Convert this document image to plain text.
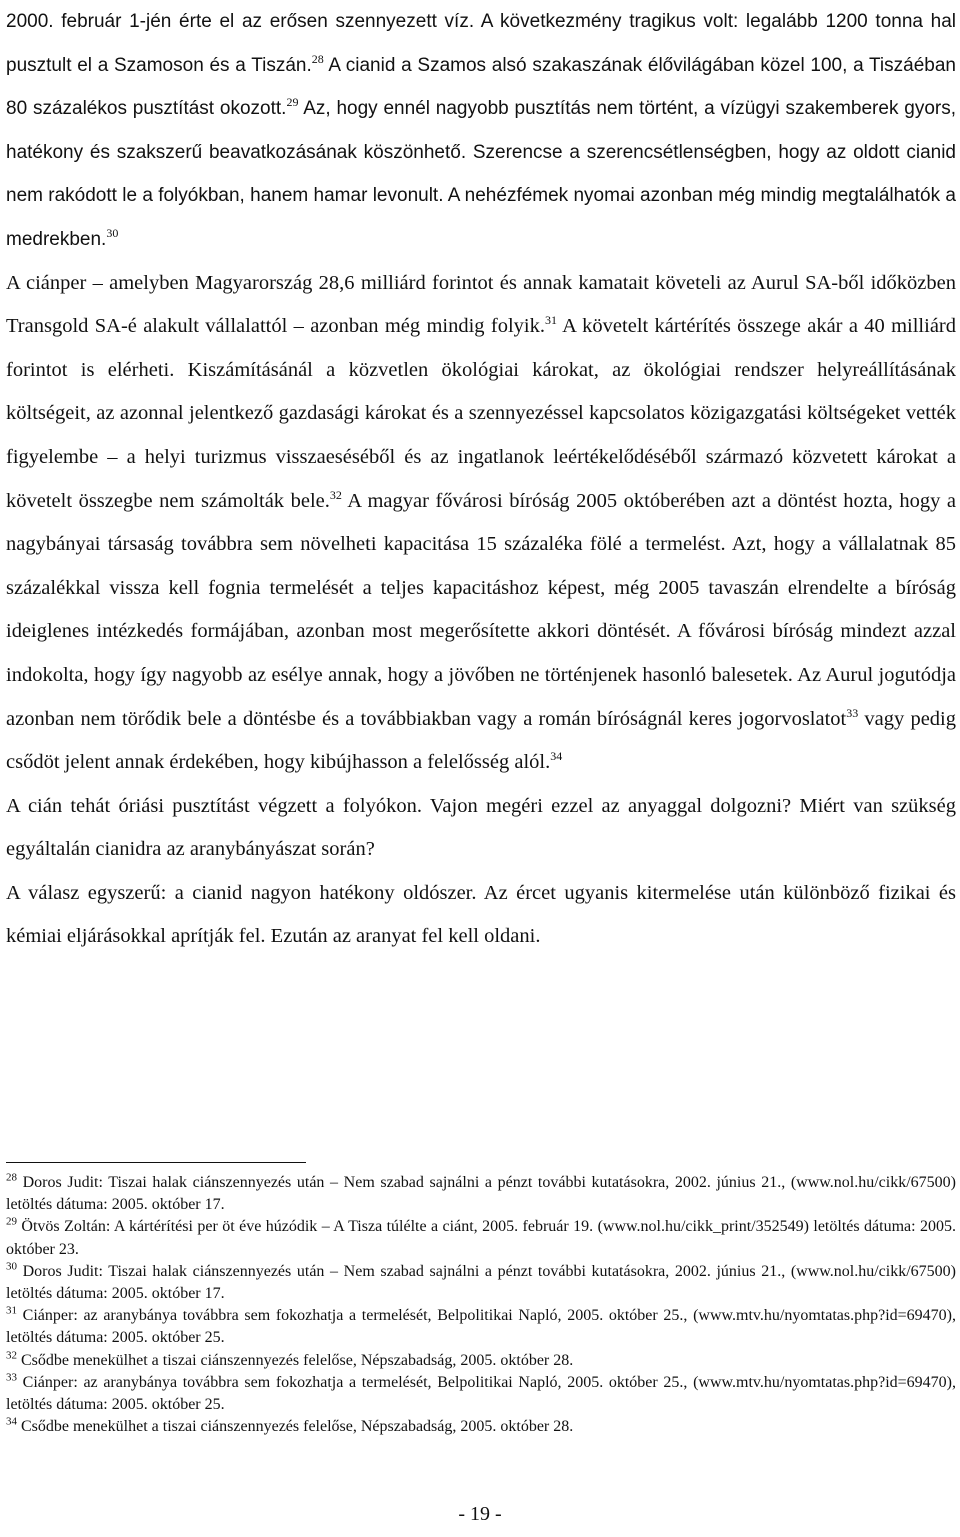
2000. február 1-jén érte el az erősen szennyezett víz. A következmény tragikus volt: legalább 1200 tonna hal pusztult el a Szamoson és a Tiszán.$^{28}$ A cianid a Szamos alsó szakaszának élővilágában közel 100, a Tiszáéban 80 százalékos pusztítást okozott.$^{29}$ Az, hogy ennél nagyobb pusztítás nem történt, a vízügyi szakemberek gyors, hatékony és szakszerű beavatkozásának köszönhető. Szerencse a szerencsétlenségben, hogy az oldott cianid nem rakódott le a folyókban, hanem hamar levonult. A nehézfémek nyomai azonban még mindig megtalálhatók a medrekben.$^{30}$

A ciánper – amelyben Magyarország 28,6 milliárd forintot és annak kamatait követeli az Aurul SA-ből időközben Transgold SA-é alakult vállalattól – azonban még mindig folyik.$^{31}$ A követelt kártérítés összege akár a 40 milliárd forintot is elérheti. Kiszámításánál a közvetlen ökológiai károkat, az ökológiai rendszer helyreállításának költségeit, az azonnal jelentkező gazdasági károkat és a szennyezéssel kapcsolatos közigazgatási költségeket vették figyelembe – a helyi turizmus visszaeséséből és az ingatlanok leértékelődéséből származó közvetett károkat a követelt összegbe nem számolták bele.$^{32}$ A magyar fővárosi bíróság 2005 októberében azt a döntést hozta, hogy a nagybányai társaság továbbra sem növelheti kapacitása 15 százaléka fölé a termelést. Azt, hogy a vállalatnak 85 százalékkal vissza kell fognia termelését a teljes kapacitáshoz képest, még 2005 tavaszán elrendelte a bíróság ideiglenes intézkedés formájában, azonban most megerősítette akkori döntését. A fővárosi bíróság mindezt azzal indokolta, hogy így nagyobb az esélye annak, hogy a jövőben ne történjenek hasonló balesetek. Az Aurul jogutódja azonban nem törődik bele a döntésbe és a továbbiakban vagy a román bíróságnál keres jogorvoslatot$^{33}$ vagy pedig csődöt jelent annak érdekében, hogy kibújhasson a felelősség alól.$^{34}$

A cián tehát óriási pusztítást végzett a folyókon. Vajon megéri ezzel az anyaggal dolgozni? Miért van szükség egyáltalán cianidra az aranybányászat során?

A válasz egyszerű: a cianid nagyon hatékony oldószer. Az ércet ugyanis kitermelése után különböző fizikai és kémiai eljárásokkal aprítják fel. Ezután az aranyat fel kell oldani.

$^{28}$ Doros Judit: Tiszai halak ciánszennyezés után – Nem szabad sajnálni a pénzt további kutatásokra, 2002. június 21., (www.nol.hu/cikk/67500) letöltés dátuma: 2005. október 17.

$^{29}$ Ötvös Zoltán: A kártérítési per öt éve húzódik – A Tisza túlélte a ciánt, 2005. február 19. (www.nol.hu/cikk_print/352549) letöltés dátuma: 2005. október 23.

$^{30}$ Doros Judit: Tiszai halak ciánszennyezés után – Nem szabad sajnálni a pénzt további kutatásokra, 2002. június 21., (www.nol.hu/cikk/67500) letöltés dátuma: 2005. október 17.

$^{31}$ Ciánper: az aranybánya továbbra sem fokozhatja a termelését, Belpolitikai Napló, 2005. október 25., (www.mtv.hu/nyomtatas.php?id=69470), letöltés dátuma: 2005. október 25.

$^{32}$ Csődbe menekülhet a tiszai ciánszennyezés felelőse, Népszabadság, 2005. október 28.

$^{33}$ Ciánper: az aranybánya továbbra sem fokozhatja a termelését, Belpolitikai Napló, 2005. október 25., (www.mtv.hu/nyomtatas.php?id=69470), letöltés dátuma: 2005. október 25.

$^{34}$ Csődbe menekülhet a tiszai ciánszennyezés felelőse, Népszabadság, 2005. október 28.

- 19 -
